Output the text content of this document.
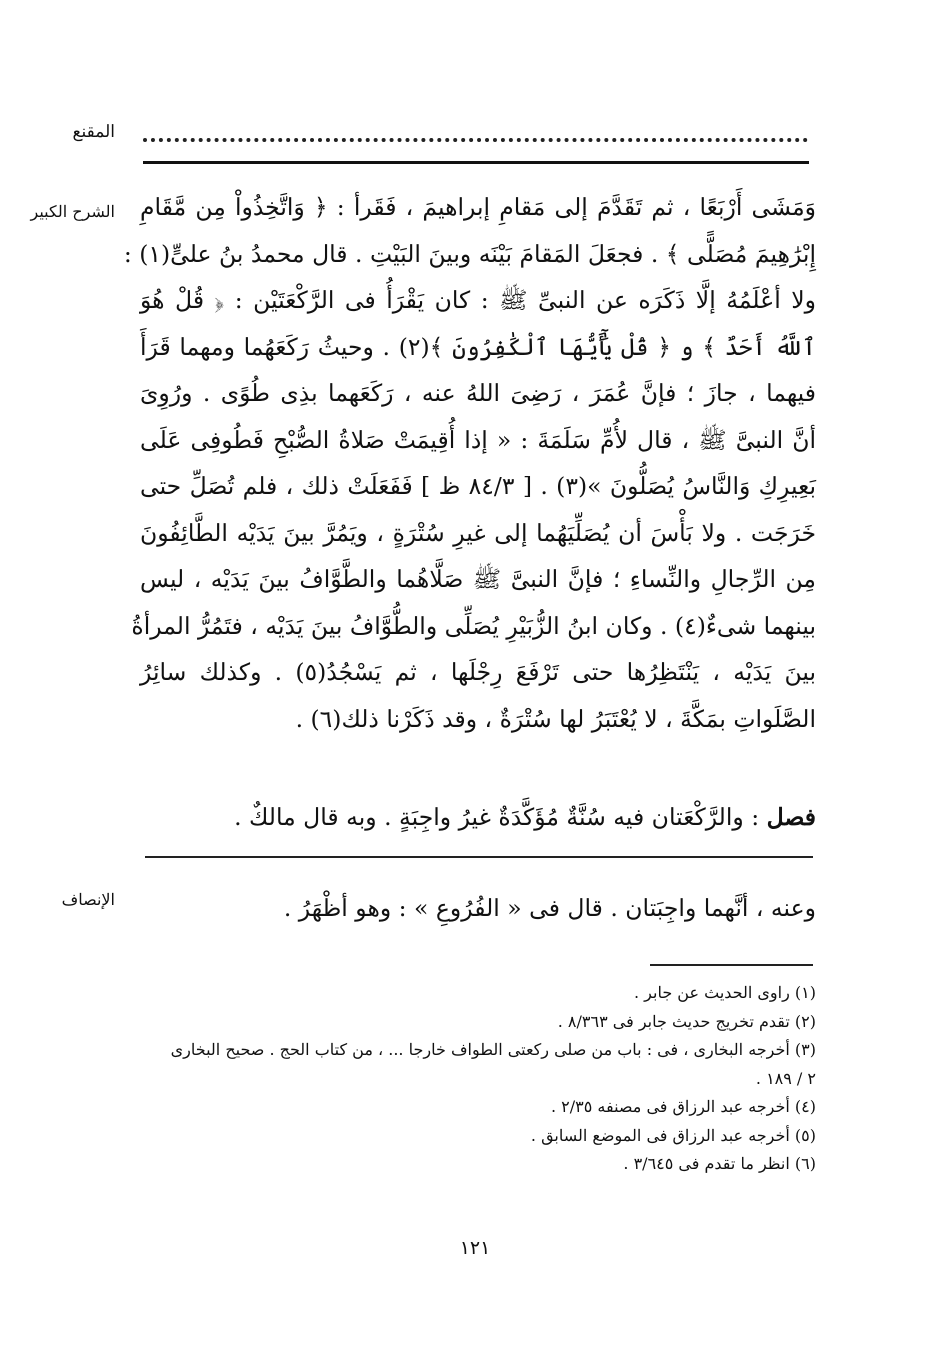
المقنع
الشرح الكبير وَمَشَى أَرْبَعًا ، ثم تَقَدَّمَ إلى مَقامِ إبراهيمَ ، فَقَرأ : ﴿ وَاتَّخِذُواْ مِن مَّقَامِ
إِبْرَٰهِيمَ مُصَلًّى ﴾ . فجعَلَ المَقامَ بَيْنَه وبينَ البَيْتِ . قال محمدُ بنُ علىٍّ(١) :
ولا أعْلَمُهُ إلَّا ذَكَرَه عن النبىِّ ﷺ : كان يَقْرَأُ فى الرَّكْعَتَيْن : ﴿ قُلْ هُوَ
ٱللَّهُ أَحَدٌ ﴾ و ﴿ قُلْ يَٰٓأَيُّهَا ٱلْكَٰفِرُونَ ﴾(٢) . وحيثُ رَكَعَهُما ومهما قَرَأَ
فيهما ، جازَ ؛ فإنَّ عُمَرَ ، رَضِىَ اللهُ عنه ، رَكَعَهما بذِى طُوًى . ورُوِىَ
أنَّ النبىَّ ﷺ ، قال لأُمِّ سَلَمَةَ : « إذا أُقِيمَتْ صَلاةُ الصُّبْحِ فَطُوفِى عَلَى
بَعِيرِكِ وَالنَّاسُ يُصَلُّونَ »(٣) . [ ٨٤/٣ ظ ] فَفَعَلَتْ ذلك ، فلم تُصَلِّ حتى
خَرَجَت . ولا بَأْسَ أن يُصَلِّيَهُما إلى غيرِ سُتْرَةٍ ، ويَمُرَّ بينَ يَدَيْه الطَّائِفُونَ
مِن الرِّجالِ والنِّساءِ ؛ فإنَّ النبىَّ ﷺ صَلَّاهُما والطَّوَّافُ بينَ يَدَيْه ، ليس
بينهما شىءٌ(٤) . وكان ابنُ الزُّبَيْرِ يُصَلِّى والطُّوَّافُ بينَ يَدَيْه ، فتَمُرُّ المرأةُ
بينَ يَدَيْه ، يَنْتَظِرُها حتى تَرْفَعَ رِجْلَها ، ثم يَسْجُدُ(٥) . وكذلك سائِرُ
الصَّلَواتِ بمَكَّةَ ، لا يُعْتَبَرُ لها سُتْرَةٌ ، وقد ذَكَرْنا ذلك(٦) .
فصل : والرَّكْعَتان فيه سُنَّةٌ مُؤَكَّدَةٌ غيرُ واجِبَةٍ . وبه قال مالكٌ .
الإنصاف	وعنه ، أنَّهما واجِبَتان . قال فى « الفُرُوعِ » : وهو أظْهَرُ .
(١) راوى الحديث عن جابر .
(٢) تقدم تخريج حديث جابر فى ٨/٣٦٣ .
(٣) أخرجه البخارى ، فى : باب من صلى ركعتى الطواف خارجا ... ، من كتاب الحج . صحيح البخارى
٢ / ١٨٩ .
(٤) أخرجه عبد الرزاق فى مصنفه ٢/٣٥ .
(٥) أخرجه عبد الرزاق فى الموضع السابق .
(٦) انظر ما تقدم فى ٣/٦٤٥ .
١٢١
